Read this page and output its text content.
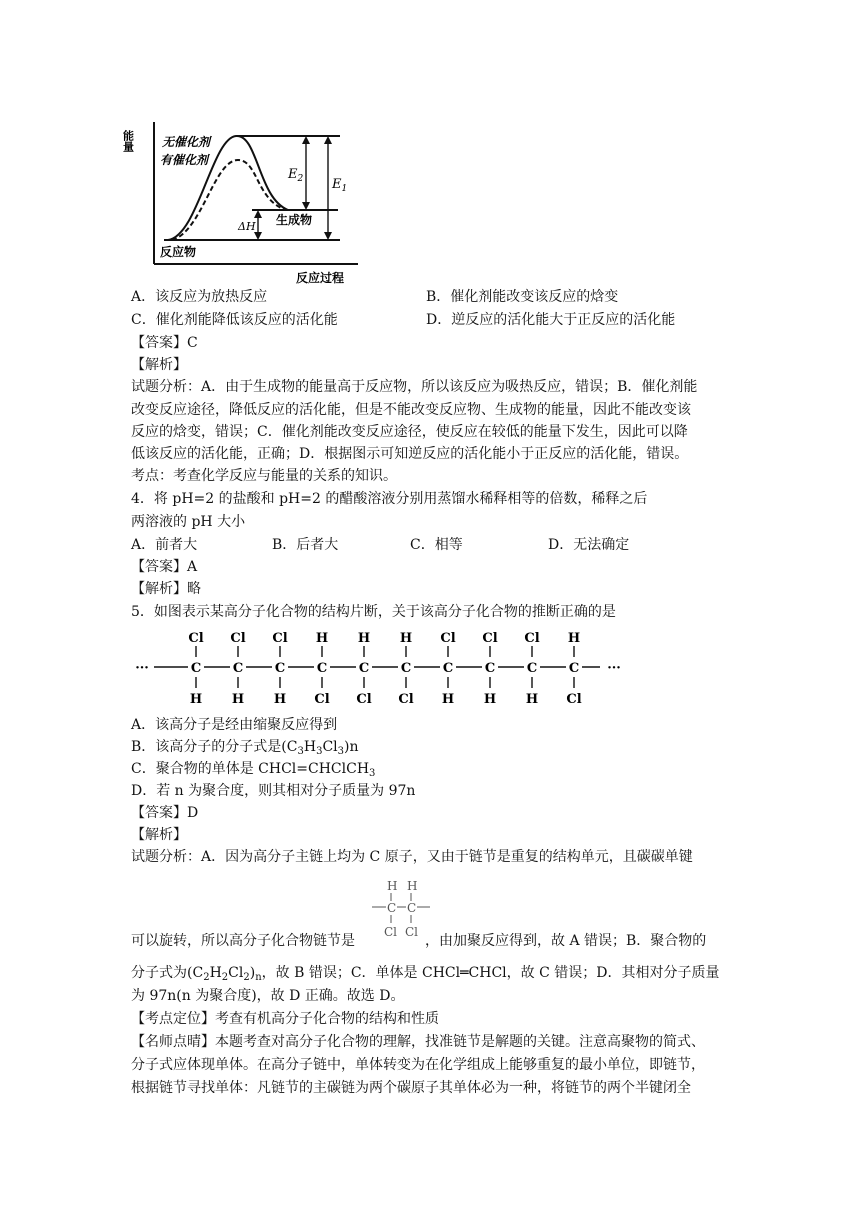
能量
反应过程
反应物
生成物
无催化剂
有催化剂
$E_2$ $E_1$
ΔH
A．该反应为放热反应	B．催化剂能改变该反应的焓变
C．催化剂能降低该反应的活化能	D．逆反应的活化能大于正反应的活化能
【答案】C
【解析】
试题分析：A．由于生成物的能量高于反应物，所以该反应为吸热反应，错误；B．催化剂能
改变反应途径，降低反应的活化能，但是不能改变反应物、生成物的能量，因此不能改变该
反应的焓变，错误；C．催化剂能改变反应途径，使反应在较低的能量下发生，因此可以降
低该反应的活化能，正确；D．根据图示可知逆反应的活化能小于正反应的活化能，错误。
考点：考查化学反应与能量的关系的知识。
4．将 pH=2 的盐酸和 pH=2 的醋酸溶液分别用蒸馏水稀释相等的倍数，稀释之后
两溶液的 pH 大小
A．前者大	B．后者大	C．相等	D．无法确定
【答案】A
【解析】略
5．如图表示某高分子化合物的结构片断，关于该高分子化合物的推断正确的是
···
Cl
C
H
Cl
C
H
Cl
C
H
H
C
Cl
H
C
Cl
H
C
Cl
Cl
C
H
Cl
C
H
Cl
C
H
H
C
Cl
···
A．该高分子是经由缩聚反应得到
B．该高分子的分子式是$(C_3H_3Cl_3)n$
C．聚合物的单体是 CHCl=CHClCH$_3$
D．若 n 为聚合度，则其相对分子质量为 97n
【答案】D
【解析】
试题分析：A．因为高分子主链上均为 C 原子，又由于链节是重复的结构单元，且碳碳单键
H H
C C
Cl Cl
可以旋转，所以高分子化合物链节是	，由加聚反应得到，故 A 错误；B．聚合物的
分子式为$(C_2H_2Cl_2)_n$，故 B 错误；C．单体是 CHCl═CHCl，故 C 错误；D．其相对分子质量
为 97n(n 为聚合度)，故 D 正确。故选 D。
【考点定位】考查有机高分子化合物的结构和性质
【名师点晴】本题考查对高分子化合物的理解，找准链节是解题的关键。注意高聚物的简式、
分子式应体现单体。在高分子链中，单体转变为在化学组成上能够重复的最小单位，即链节，
根据链节寻找单体：凡链节的主碳链为两个碳原子其单体必为一种，将链节的两个半键闭全
